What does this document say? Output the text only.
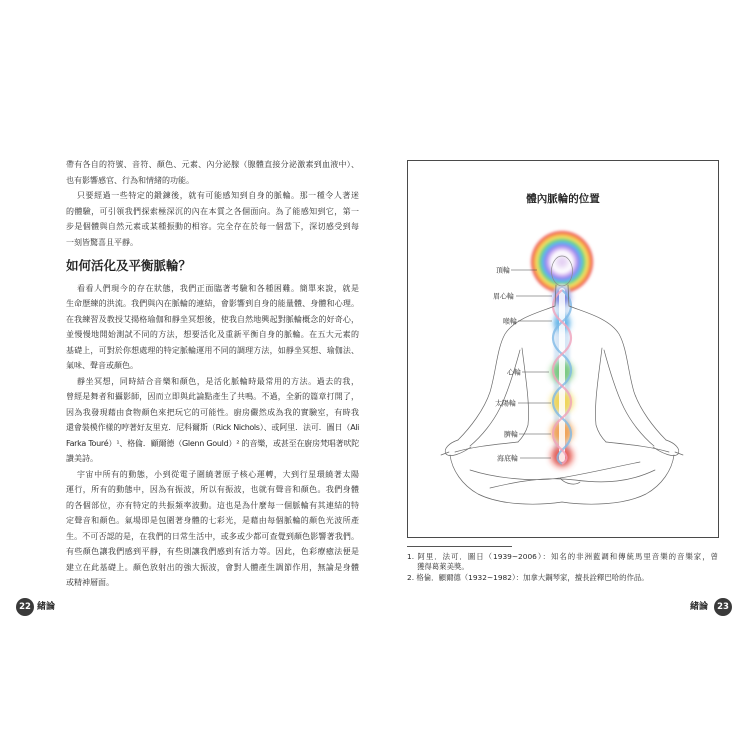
帶有各自的符號、音符、顏色、元素、內分泌腺（腺體直接分泌激素到血液中）、
也有影響感官、行為和情緒的功能。
只要經過一些特定的鍛鍊後，就有可能感知到自身的脈輪。那一種令人著迷
的體驗，可引領我們探索極深沉的內在本質之各個面向。為了能感知到它，第一
步是個體與自然元素或某種振動的相容。完全存在於每一個當下，深切感受到每
一刻皆驚喜且平靜。
如何活化及平衡脈輪？
看看人們現今的存在狀態，我們正面臨著考驗和各種困難。簡單來說，就是
生命歷練的洪流。我們與內在脈輪的連結，會影響到自身的能量體、身體和心理。
在我練習及教授艾揚格瑜伽和靜坐冥想後，使我自然地興起對脈輪概念的好奇心，
並慢慢地開始測試不同的方法，想要活化及重新平衡自身的脈輪。在五大元素的
基礎上，可對於你想處理的特定脈輪運用不同的調理方法，如靜坐冥想、瑜伽法、
氣味、聲音或顏色。
靜坐冥想，同時結合音樂和顏色，是活化脈輪時最常用的方法。過去的我，
曾經是舞者和攝影師，因而立即與此論點產生了共鳴。不過，全新的篇章打開了，
因為我發現藉由食物顏色來把玩它的可能性。廚房儼然成為我的實驗室，有時我
還會裝模作樣的哼著好友里克．尼科爾斯（Rick Nichols）、或阿里．法可．圖日（Ali
Farka Touré）¹、格倫．顧爾德（Glenn Gould）² 的音樂，或甚至在廚房梵唱著吠陀
讚美詩。
宇宙中所有的動態，小到從電子圍繞著原子核心運轉，大到行星環繞著太陽
運行，所有的動態中，因為有振波，所以有振波，也就有聲音和顏色。我們身體
的各個部位，亦有特定的共振頻率波動。這也是為什麼每一個脈輪有其連結的特
定聲音和顏色。氣場即是包圍著身體的七彩光，是藉由每個脈輪的顏色光波所產
生。不可否認的是，在我們的日常生活中，或多或少都可查覺到顏色影響著我們。
有些顏色讓我們感到平靜，有些則讓我們感到有活力等。因此，色彩療癒法便是
建立在此基礎上。顏色放射出的強大振波，會對人體產生調節作用，無論是身體
或精神層面。
22 緒論
頂輪
眉心輪
喉輪
心輪
太陽輪
臍輪
海底輪
體內脈輪的位置
1. 阿里．法可．圖日（1939~2006）：知名的非洲藍調和傳統馬里音樂的音樂家，曾
獲得葛萊美獎。
2. 格倫．顧爾德（1932~1982）：加拿大鋼琴家，擅長詮釋巴哈的作品。
緒論	23
